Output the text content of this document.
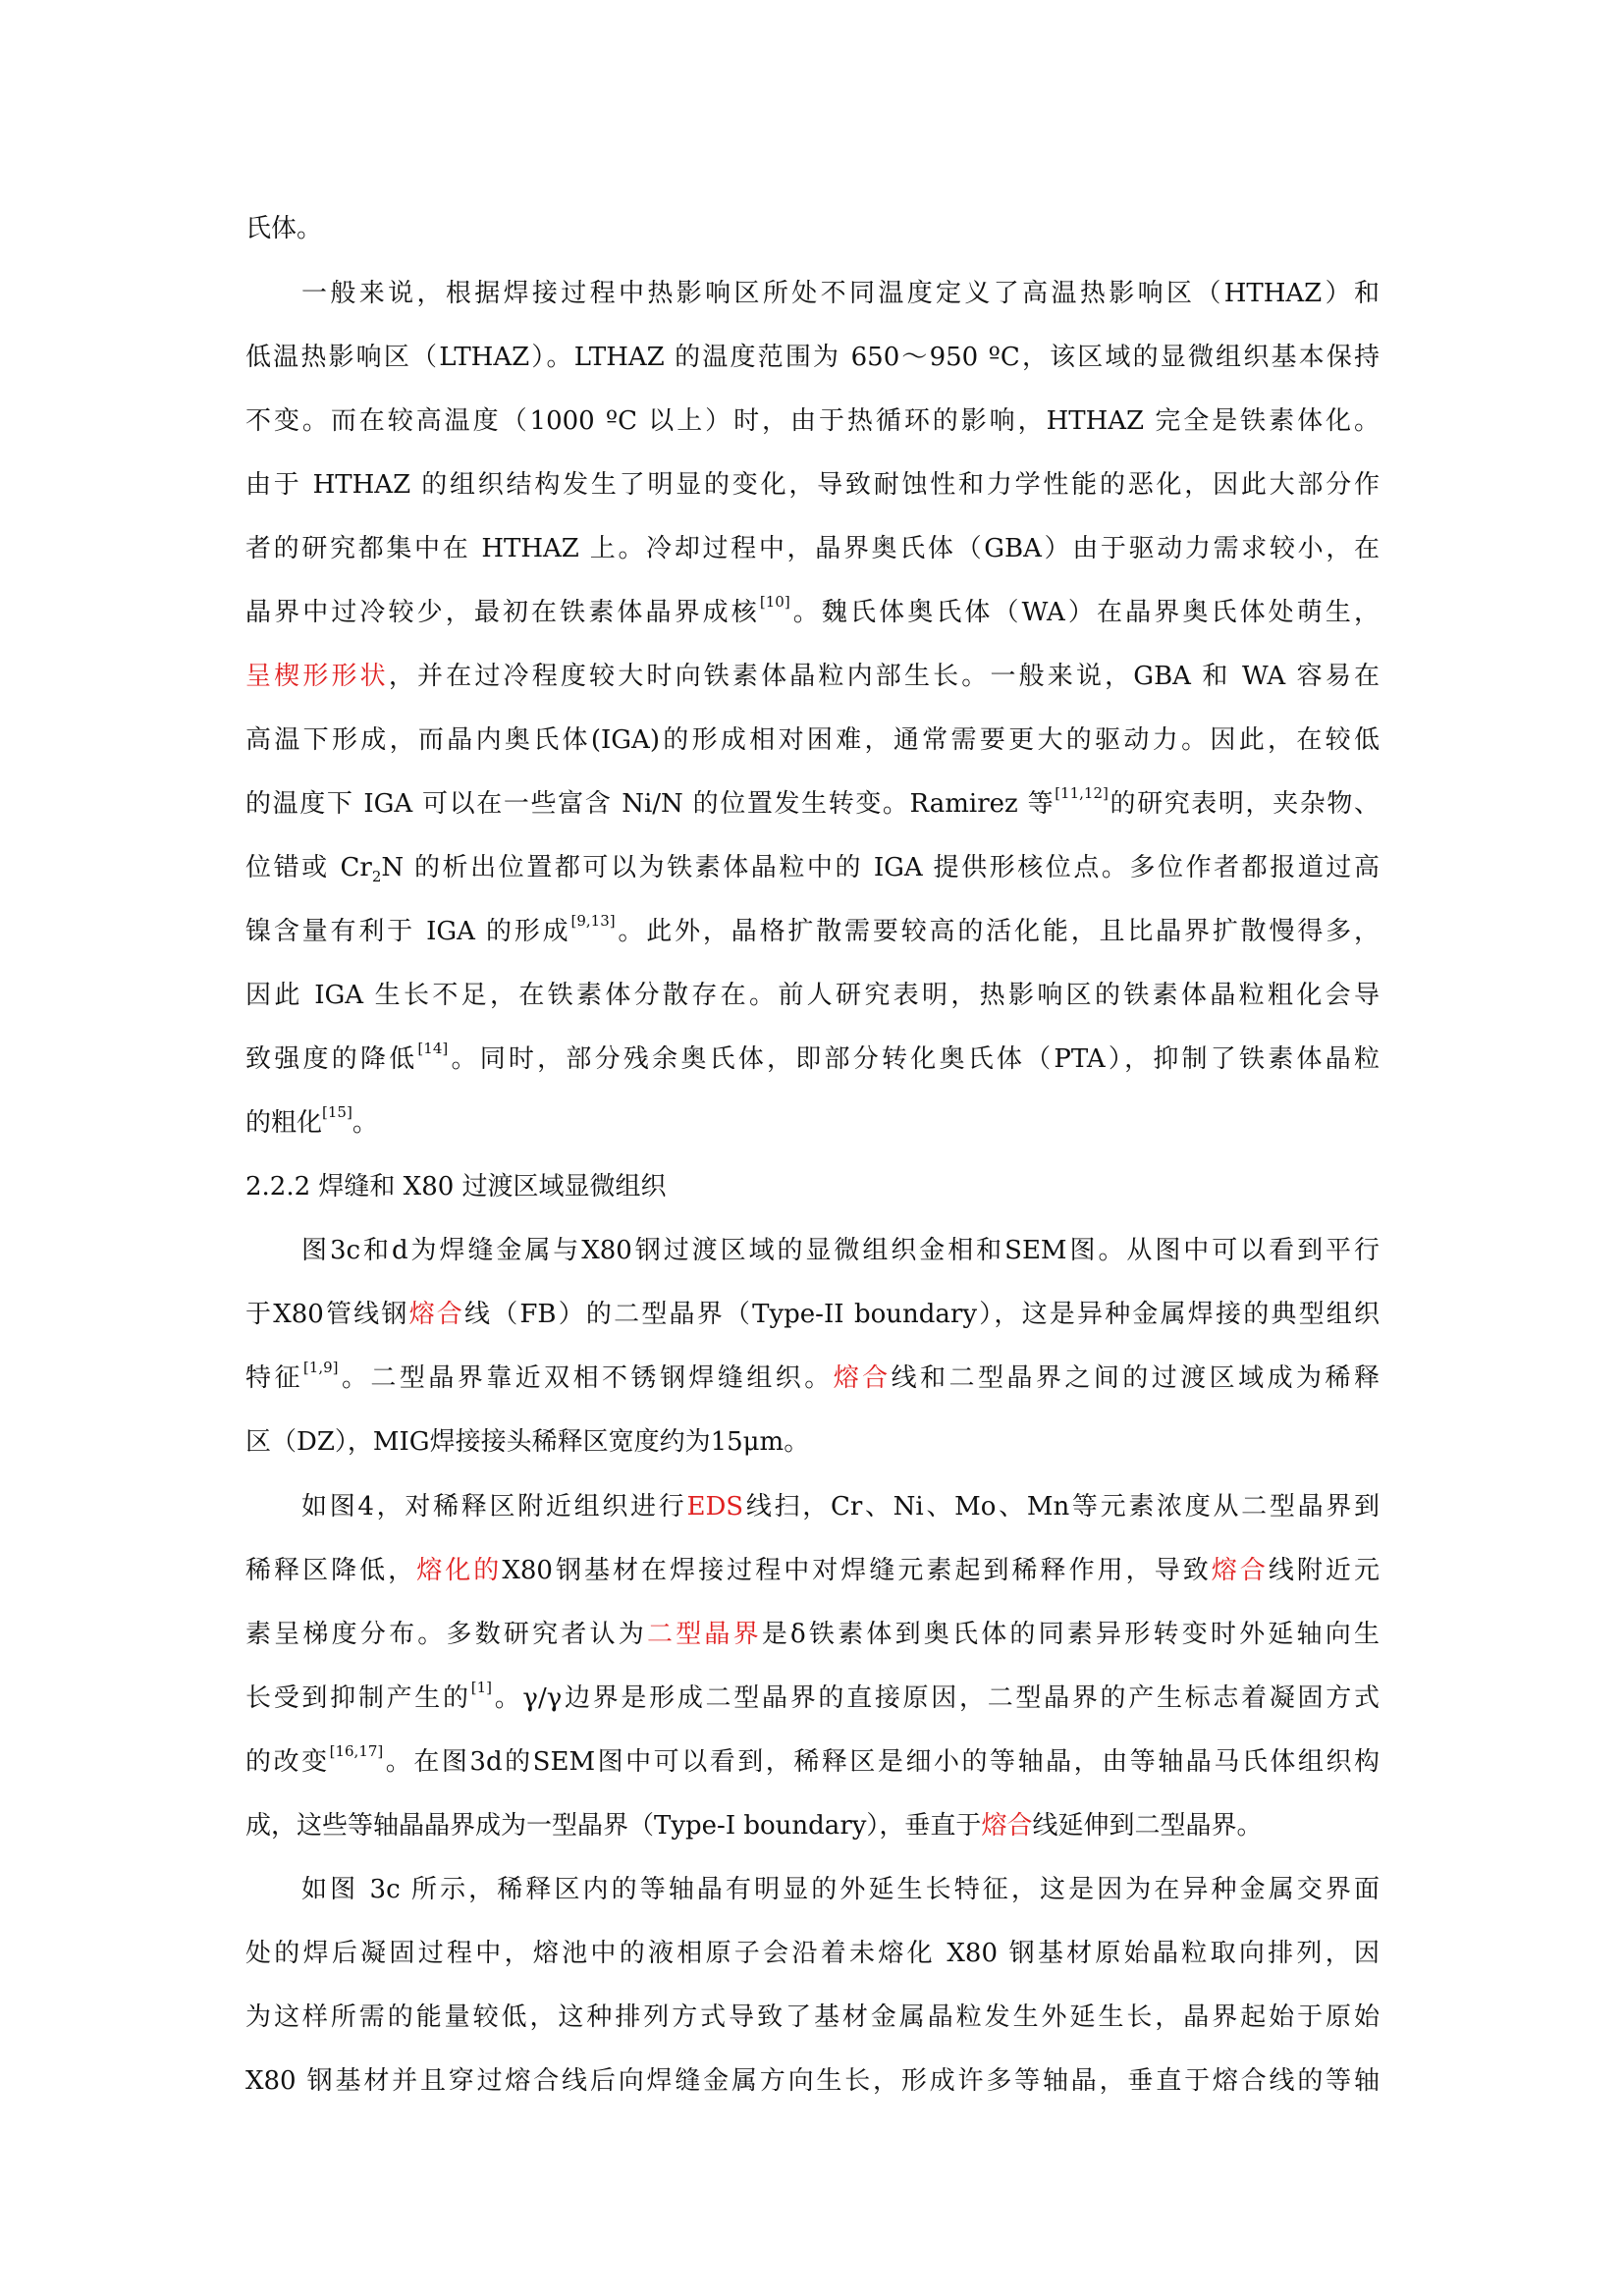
氏体。
一般来说，根据焊接过程中热影响区所处不同温度定义了高温热影响区（HTHAZ）和
低温热影响区（LTHAZ）。LTHAZ 的温度范围为 650～950 ºC，该区域的显微组织基本保持
不变。而在较高温度（1000 ºC 以上）时，由于热循环的影响，HTHAZ 完全是铁素体化。
由于 HTHAZ 的组织结构发生了明显的变化，导致耐蚀性和力学性能的恶化，因此大部分作
者的研究都集中在 HTHAZ 上。冷却过程中，晶界奥氏体（GBA）由于驱动力需求较小，在
晶界中过冷较少，最初在铁素体晶界成核[10]。魏氏体奥氏体（WA）在晶界奥氏体处萌生，
呈楔形形状，并在过冷程度较大时向铁素体晶粒内部生长。一般来说，GBA 和 WA 容易在
高温下形成，而晶内奥氏体(IGA)的形成相对困难，通常需要更大的驱动力。因此，在较低
的温度下 IGA 可以在一些富含 Ni/N 的位置发生转变。Ramirez 等[11,12]的研究表明，夹杂物、
位错或 $Cr_2N$ 的析出位置都可以为铁素体晶粒中的 IGA 提供形核位点。多位作者都报道过高
镍含量有利于 IGA 的形成[9,13]。此外，晶格扩散需要较高的活化能，且比晶界扩散慢得多，
因此 IGA 生长不足，在铁素体分散存在。前人研究表明，热影响区的铁素体晶粒粗化会导
致强度的降低[14]。同时，部分残余奥氏体，即部分转化奥氏体（PTA），抑制了铁素体晶粒
的粗化[15]。
2.2.2 焊缝和 X80 过渡区域显微组织
图3c和d为焊缝金属与X80钢过渡区域的显微组织金相和SEM图。从图中可以看到平行
于X80管线钢熔合线（FB）的二型晶界（Type-II boundary），这是异种金属焊接的典型组织
特征[1,9]。二型晶界靠近双相不锈钢焊缝组织。熔合线和二型晶界之间的过渡区域成为稀释
区（DZ），MIG焊接接头稀释区宽度约为15μm。
如图4，对稀释区附近组织进行EDS线扫，Cr、Ni、Mo、Mn等元素浓度从二型晶界到
稀释区降低，熔化的X80钢基材在焊接过程中对焊缝元素起到稀释作用，导致熔合线附近元
素呈梯度分布。多数研究者认为二型晶界是δ铁素体到奥氏体的同素异形转变时外延轴向生
长受到抑制产生的[1]。γ/γ边界是形成二型晶界的直接原因，二型晶界的产生标志着凝固方式
的改变[16,17]。在图3d的SEM图中可以看到，稀释区是细小的等轴晶，由等轴晶马氏体组织构
成，这些等轴晶晶界成为一型晶界（Type-I boundary），垂直于熔合线延伸到二型晶界。
如图 3c 所示，稀释区内的等轴晶有明显的外延生长特征，这是因为在异种金属交界面
处的焊后凝固过程中，熔池中的液相原子会沿着未熔化 X80 钢基材原始晶粒取向排列，因
为这样所需的能量较低，这种排列方式导致了基材金属晶粒发生外延生长，晶界起始于原始
X80 钢基材并且穿过熔合线后向焊缝金属方向生长，形成许多等轴晶，垂直于熔合线的等轴
